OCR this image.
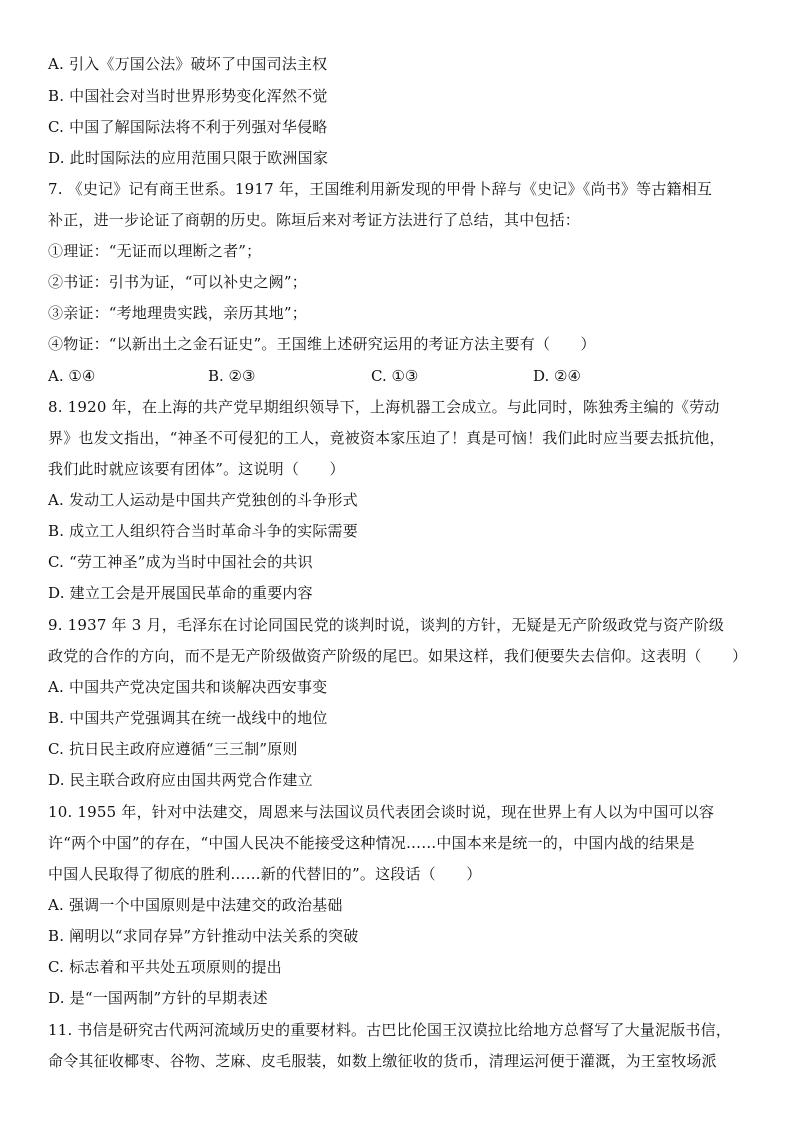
A. 引入《万国公法》破坏了中国司法主权
B. 中国社会对当时世界形势变化浑然不觉
C. 中国了解国际法将不利于列强对华侵略
D. 此时国际法的应用范围只限于欧洲国家
7. 《史记》记有商王世系。1917 年，王国维利用新发现的甲骨卜辞与《史记》《尚书》等古籍相互
补正，进一步论证了商朝的历史。陈垣后来对考证方法进行了总结，其中包括：
①理证：“无证而以理断之者”；
②书证：引书为证，“可以补史之阙”；
③亲证：“考地理贵实践，亲历其地”；
④物证：“以新出土之金石证史”。王国维上述研究运用的考证方法主要有（　　）
A. ①④	B. ②③	C. ①③	D. ②④
8. 1920 年，在上海的共产党早期组织领导下，上海机器工会成立。与此同时，陈独秀主编的《劳动
界》也发文指出，“神圣不可侵犯的工人，竟被资本家压迫了！真是可恼！我们此时应当要去抵抗他，
我们此时就应该要有团体”。这说明（　　）
A. 发动工人运动是中国共产党独创的斗争形式
B. 成立工人组织符合当时革命斗争的实际需要
C. “劳工神圣”成为当时中国社会的共识
D. 建立工会是开展国民革命的重要内容
9. 1937 年 3 月，毛泽东在讨论同国民党的谈判时说，谈判的方针，无疑是无产阶级政党与资产阶级
政党的合作的方向，而不是无产阶级做资产阶级的尾巴。如果这样，我们便要失去信仰。这表明（　　）
A. 中国共产党决定国共和谈解决西安事变
B. 中国共产党强调其在统一战线中的地位
C. 抗日民主政府应遵循“三三制”原则
D. 民主联合政府应由国共两党合作建立
10. 1955 年，针对中法建交，周恩来与法国议员代表团会谈时说，现在世界上有人以为中国可以容
许“两个中国”的存在，“中国人民决不能接受这种情况……中国本来是统一的，中国内战的结果是
中国人民取得了彻底的胜利……新的代替旧的”。这段话（　　）
A. 强调一个中国原则是中法建交的政治基础
B. 阐明以“求同存异”方针推动中法关系的突破
C. 标志着和平共处五项原则的提出
D. 是“一国两制”方针的早期表述
11. 书信是研究古代两河流域历史的重要材料。古巴比伦国王汉谟拉比给地方总督写了大量泥版书信，
命令其征收椰枣、谷物、芝麻、皮毛服装，如数上缴征收的货币，清理运河便于灌溉，为王室牧场派
